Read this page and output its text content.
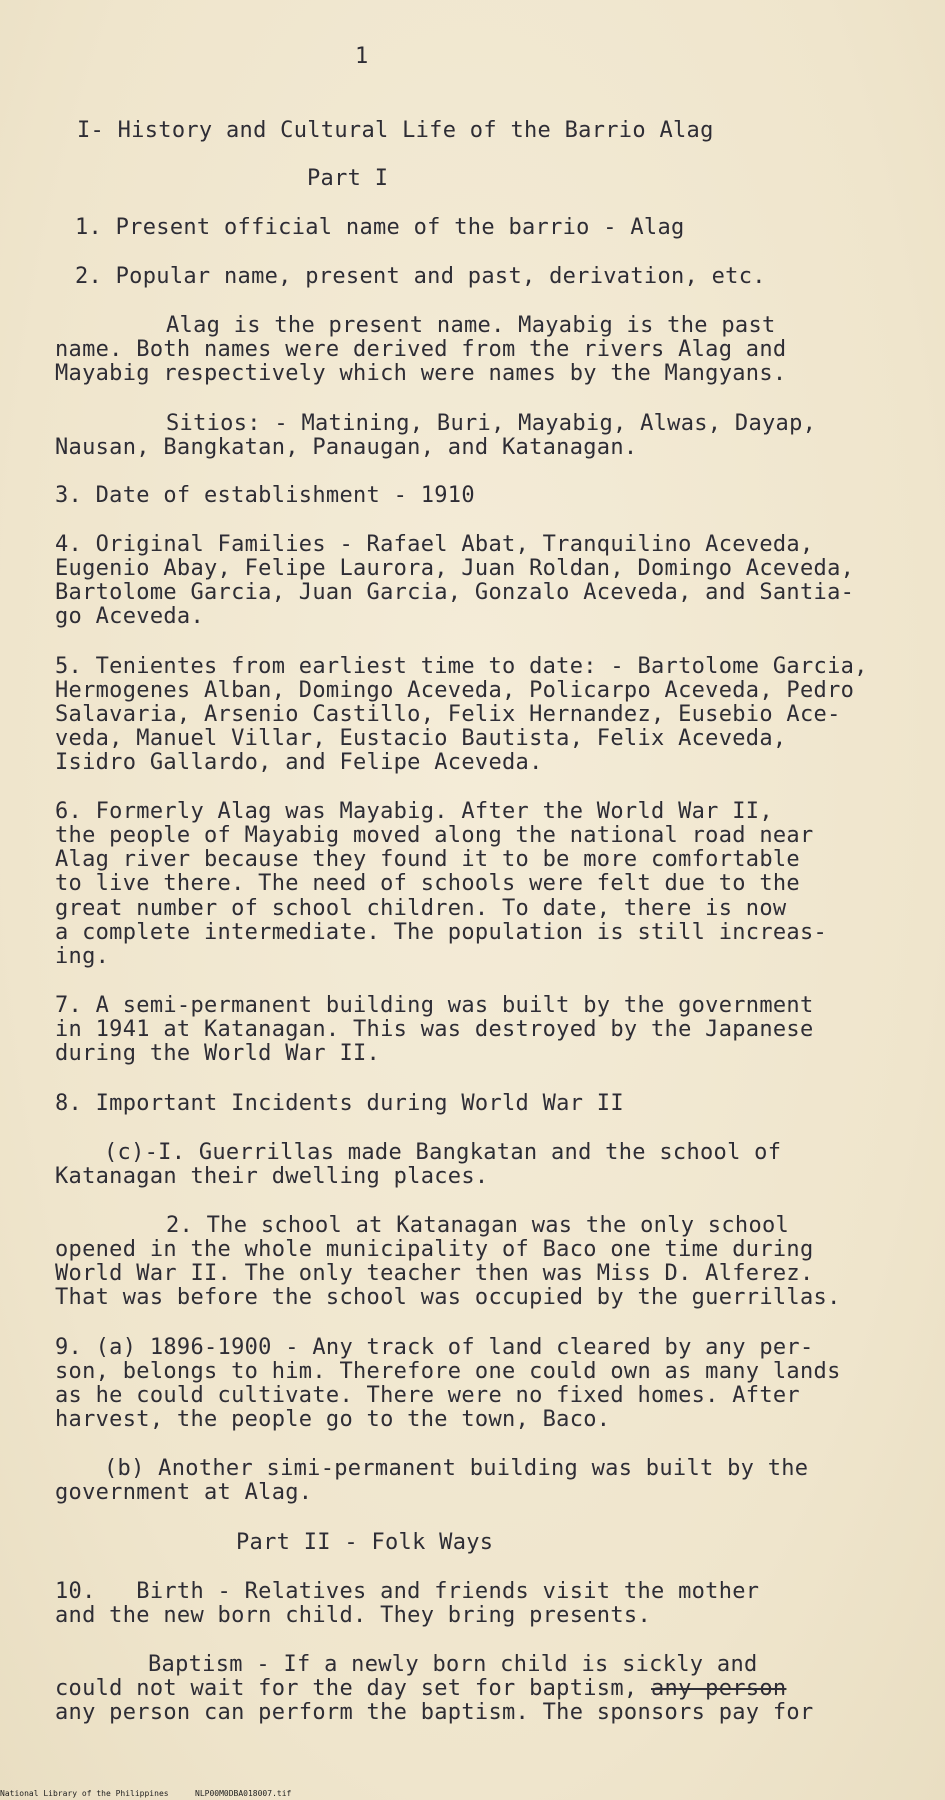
1
I- History and Cultural Life of the Barrio Alag
Part I
1. Present official name of the barrio - Alag
2. Popular name, present and past, derivation, etc.
Alag is the present name. Mayabig is the past
name. Both names were derived from the rivers Alag and
Mayabig respectively which were names by the Mangyans.
Sitios: - Matining, Buri, Mayabig, Alwas, Dayap,
Nausan, Bangkatan, Panaugan, and Katanagan.
3. Date of establishment - 1910
4. Original Families - Rafael Abat, Tranquilino Aceveda,
Eugenio Abay, Felipe Laurora, Juan Roldan, Domingo Aceveda,
Bartolome Garcia, Juan Garcia, Gonzalo Aceveda, and Santia-
go Aceveda.
5. Tenientes from earliest time to date: - Bartolome Garcia,
Hermogenes Alban, Domingo Aceveda, Policarpo Aceveda, Pedro
Salavaria, Arsenio Castillo, Felix Hernandez, Eusebio Ace-
veda, Manuel Villar, Eustacio Bautista, Felix Aceveda,
Isidro Gallardo, and Felipe Aceveda.
6. Formerly Alag was Mayabig. After the World War II,
the people of Mayabig moved along the national road near
Alag river because they found it to be more comfortable
to live there. The need of schools were felt due to the
great number of school children. To date, there is now
a complete intermediate. The population is still increas-
ing.
7. A semi-permanent building was built by the government
in 1941 at Katanagan. This was destroyed by the Japanese
during the World War II.
8. Important Incidents during World War II
(c)-I. Guerrillas made Bangkatan and the school of
Katanagan their dwelling places.
2. The school at Katanagan was the only school
opened in the whole municipality of Baco one time during
World War II. The only teacher then was Miss D. Alferez.
That was before the school was occupied by the guerrillas.
9. (a) 1896-1900 - Any track of land cleared by any per-
son, belongs to him. Therefore one could own as many lands
as he could cultivate. There were no fixed homes. After
harvest, the people go to the town, Baco.
(b) Another simi-permanent building was built by the
government at Alag.
Part II - Folk Ways
10.   Birth - Relatives and friends visit the mother
and the new born child. They bring presents.
Baptism - If a newly born child is sickly and
could not wait for the day set for baptism, any person
any person can perform the baptism. The sponsors pay for
National Library of the Philippines	NLP00M0DBA018007.tif
